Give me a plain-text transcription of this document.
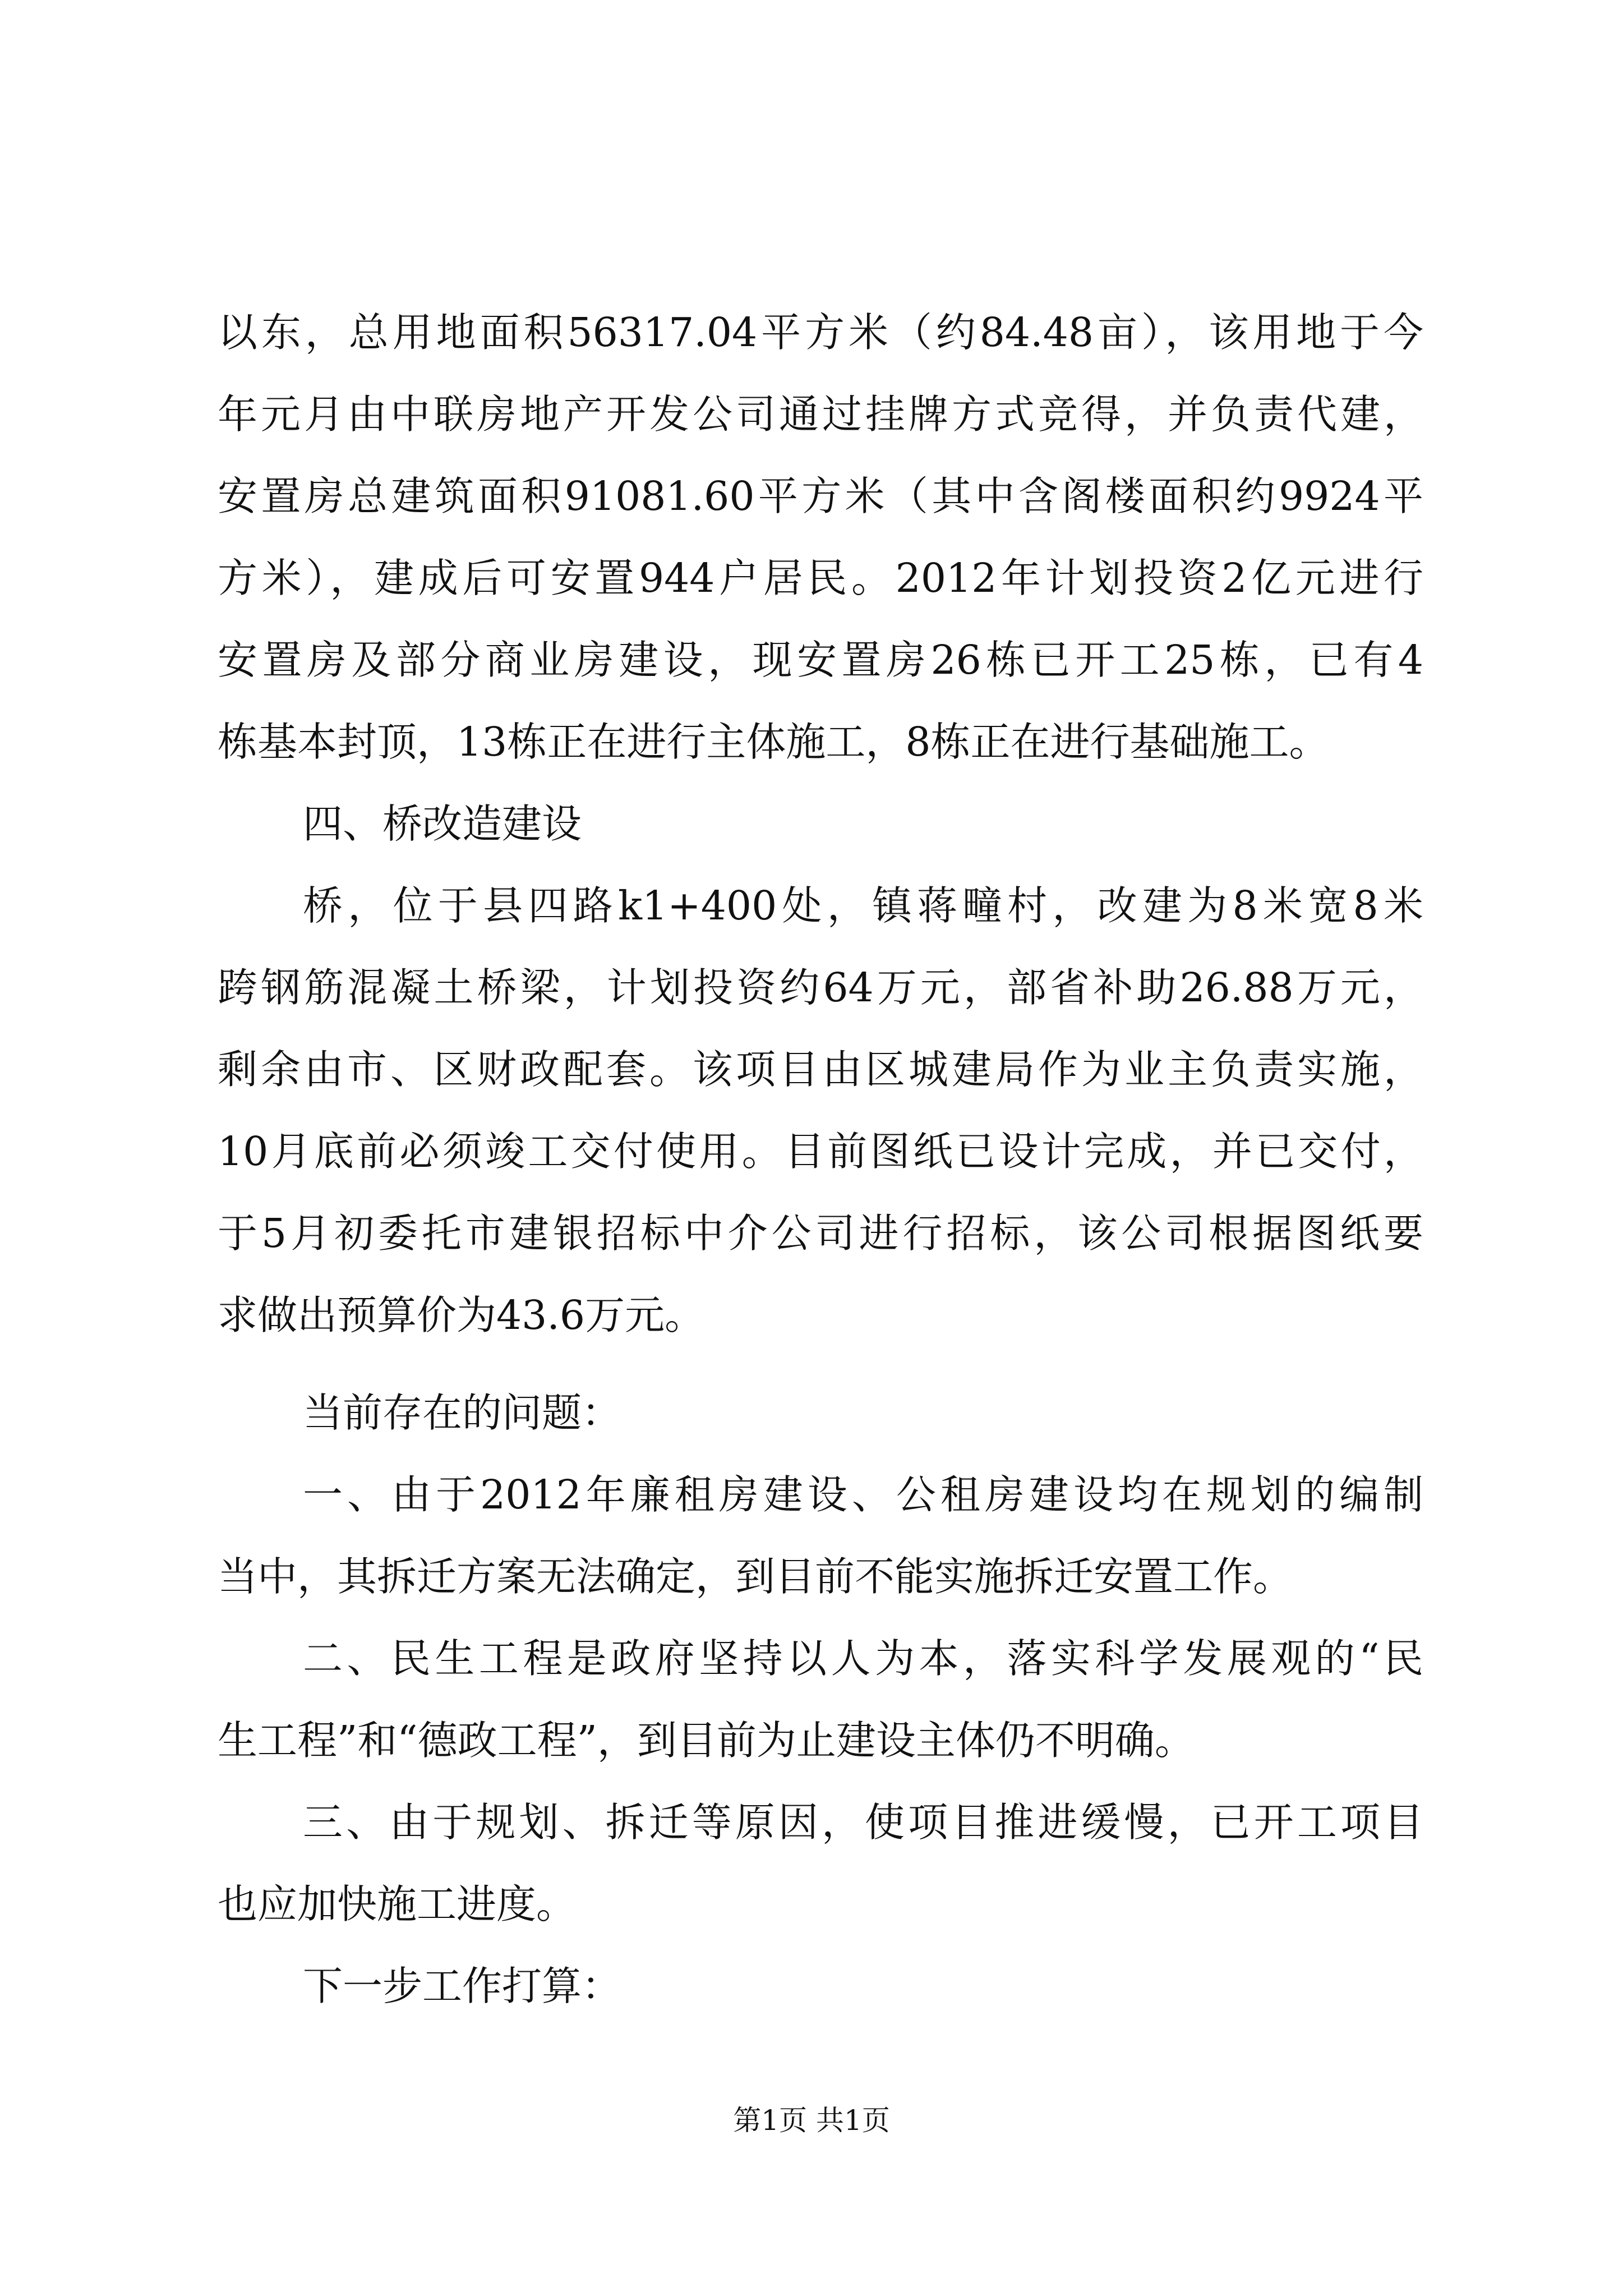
以东，总用地面积56317.04平方米（约84.48亩），该用地于今
年元月由中联房地产开发公司通过挂牌方式竞得，并负责代建，
安置房总建筑面积91081.60平方米（其中含阁楼面积约9924平
方米），建成后可安置944户居民。2012年计划投资2亿元进行
安置房及部分商业房建设，现安置房26栋已开工25栋，已有4
栋基本封顶，13栋正在进行主体施工，8栋正在进行基础施工。
四、桥改造建设
桥，位于县四路k1+400处，镇蒋疃村，改建为8米宽8米
跨钢筋混凝土桥梁，计划投资约64万元，部省补助26.88万元，
剩余由市、区财政配套。该项目由区城建局作为业主负责实施，
10月底前必须竣工交付使用。目前图纸已设计完成，并已交付，
于5月初委托市建银招标中介公司进行招标，该公司根据图纸要
求做出预算价为43.6万元。
当前存在的问题：
一、由于2012年廉租房建设、公租房建设均在规划的编制
当中，其拆迁方案无法确定，到目前不能实施拆迁安置工作。
二、民生工程是政府坚持以人为本，落实科学发展观的“民
生工程”和“德政工程”，到目前为止建设主体仍不明确。
三、由于规划、拆迁等原因，使项目推进缓慢，已开工项目
也应加快施工进度。
下一步工作打算：
第1页 共1页
